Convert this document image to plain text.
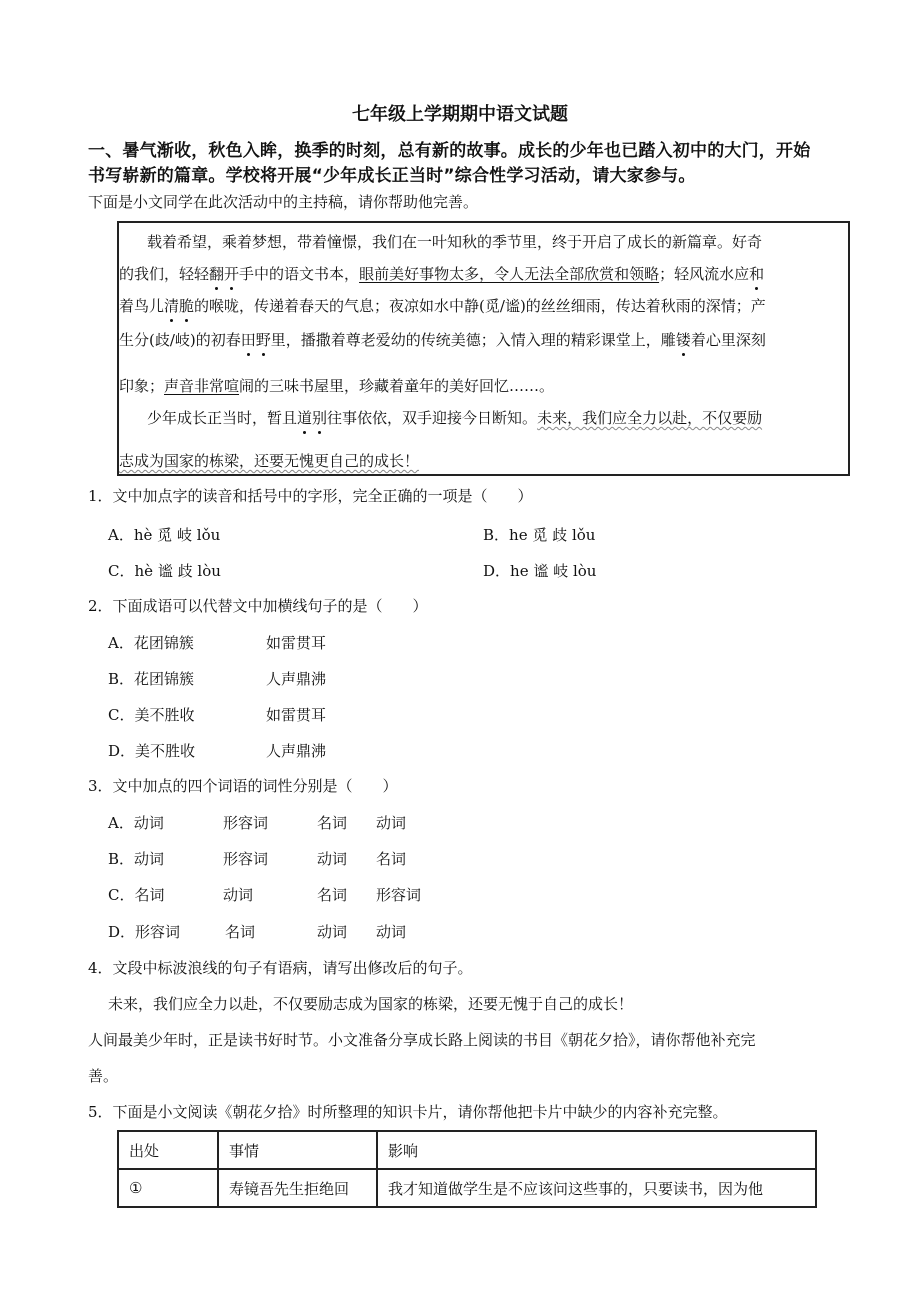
七年级上学期期中语文试题
一、暑气渐收，秋色入眸，换季的时刻，总有新的故事。成长的少年也已踏入初中的大门，开始
书写崭新的篇章。学校将开展“少年成长正当时”综合性学习活动，请大家参与。
下面是小文同学在此次活动中的主持稿，请你帮助他完善。
载着希望，乘着梦想，带着憧憬，我们在一叶知秋的季节里，终于开启了成长的新篇章。好奇
的我们，轻轻翻开手中的语文书本，眼前美好事物太多，令人无法全部欣赏和领略；轻风流水应和
着鸟儿清脆的喉咙，传递着春天的气息；夜凉如水中静(觅/谧)的丝丝细雨，传达着秋雨的深情；产
生分(歧/岐)的初春田野里，播撒着尊老爱幼的传统美德；入情入理的精彩课堂上，雕镂着心里深刻
印象；声音非常喧闹的三味书屋里，珍藏着童年的美好回忆……。
少年成长正当时，暂且道别往事依依，双手迎接今日断知。未来，我们应全力以赴，不仅要励
志成为国家的栋梁，还要无愧更自己的成长！
1．文中加点字的读音和括号中的字形，完全正确的一项是（　　）
A．hè 觅 岐 lǒu	B．he 觅 歧 lǒu
C．hè 谧 歧 lòu	D．he 谧 岐 lòu
2．下面成语可以代替文中加横线句子的是（　　）
A．花团锦簇	如雷贯耳
B．花团锦簇	人声鼎沸
C．美不胜收	如雷贯耳
D．美不胜收	人声鼎沸
3．文中加点的四个词语的词性分别是（　　）
A．动词	形容词	名词 动词
B．动词	形容词	动词 名词
C．名词	动词	名词 形容词
D．形容词	名词	动词 动词
4．文段中标波浪线的句子有语病，请写出修改后的句子。
未来，我们应全力以赴，不仅要励志成为国家的栋梁，还要无愧于自己的成长！
人间最美少年时，正是读书好时节。小文准备分享成长路上阅读的书目《朝花夕拾》，请你帮他补充完
善。
5．下面是小文阅读《朝花夕拾》时所整理的知识卡片，请你帮他把卡片中缺少的内容补充完整。
出处	事情	影响
①	寿镜吾先生拒绝回	我才知道做学生是不应该问这些事的，只要读书，因为他
